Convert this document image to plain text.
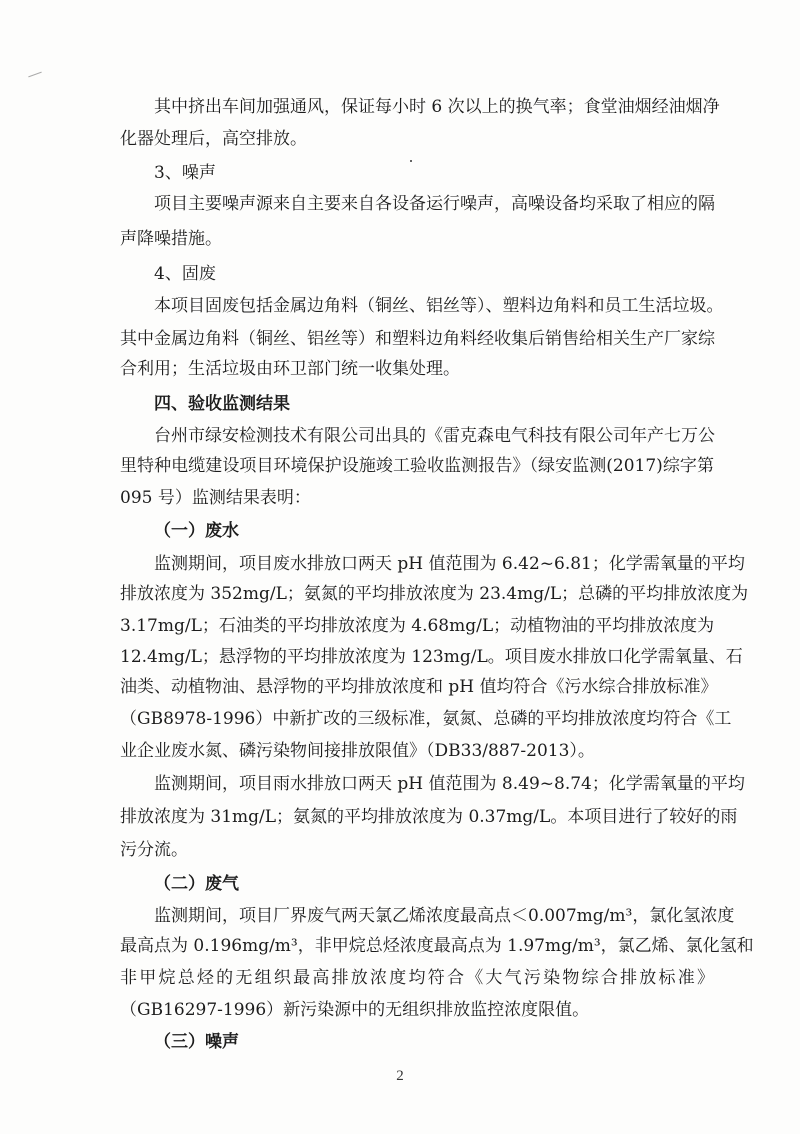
其中挤出车间加强通风，保证每小时 6 次以上的换气率；食堂油烟经油烟净
化器处理后，高空排放。
3、噪声
项目主要噪声源来自主要来自各设备运行噪声，高噪设备均采取了相应的隔
声降噪措施。
4、固废
本项目固废包括金属边角料（铜丝、铝丝等）、塑料边角料和员工生活垃圾。
其中金属边角料（铜丝、铝丝等）和塑料边角料经收集后销售给相关生产厂家综
合利用；生活垃圾由环卫部门统一收集处理。
四、验收监测结果
台州市绿安检测技术有限公司出具的《雷克森电气科技有限公司年产七万公
里特种电缆建设项目环境保护设施竣工验收监测报告》（绿安监测(2017)综字第
095 号）监测结果表明：
（一）废水
监测期间，项目废水排放口两天 pH 值范围为 6.42~6.81；化学需氧量的平均
排放浓度为 352mg/L；氨氮的平均排放浓度为 23.4mg/L；总磷的平均排放浓度为
3.17mg/L；石油类的平均排放浓度为 4.68mg/L；动植物油的平均排放浓度为
12.4mg/L；悬浮物的平均排放浓度为 123mg/L。项目废水排放口化学需氧量、石
油类、动植物油、悬浮物的平均排放浓度和 pH 值均符合《污水综合排放标准》
（GB8978-1996）中新扩改的三级标准，氨氮、总磷的平均排放浓度均符合《工
业企业废水氮、磷污染物间接排放限值》（DB33/887-2013）。
监测期间，项目雨水排放口两天 pH 值范围为 8.49~8.74；化学需氧量的平均
排放浓度为 31mg/L；氨氮的平均排放浓度为 0.37mg/L。本项目进行了较好的雨
污分流。
（二）废气
监测期间，项目厂界废气两天氯乙烯浓度最高点＜0.007mg/m³，氯化氢浓度
最高点为 0.196mg/m³，非甲烷总烃浓度最高点为 1.97mg/m³，氯乙烯、氯化氢和
非甲烷总烃的无组织最高排放浓度均符合《大气污染物综合排放标准》
（GB16297-1996）新污染源中的无组织排放监控浓度限值。
（三）噪声
2
